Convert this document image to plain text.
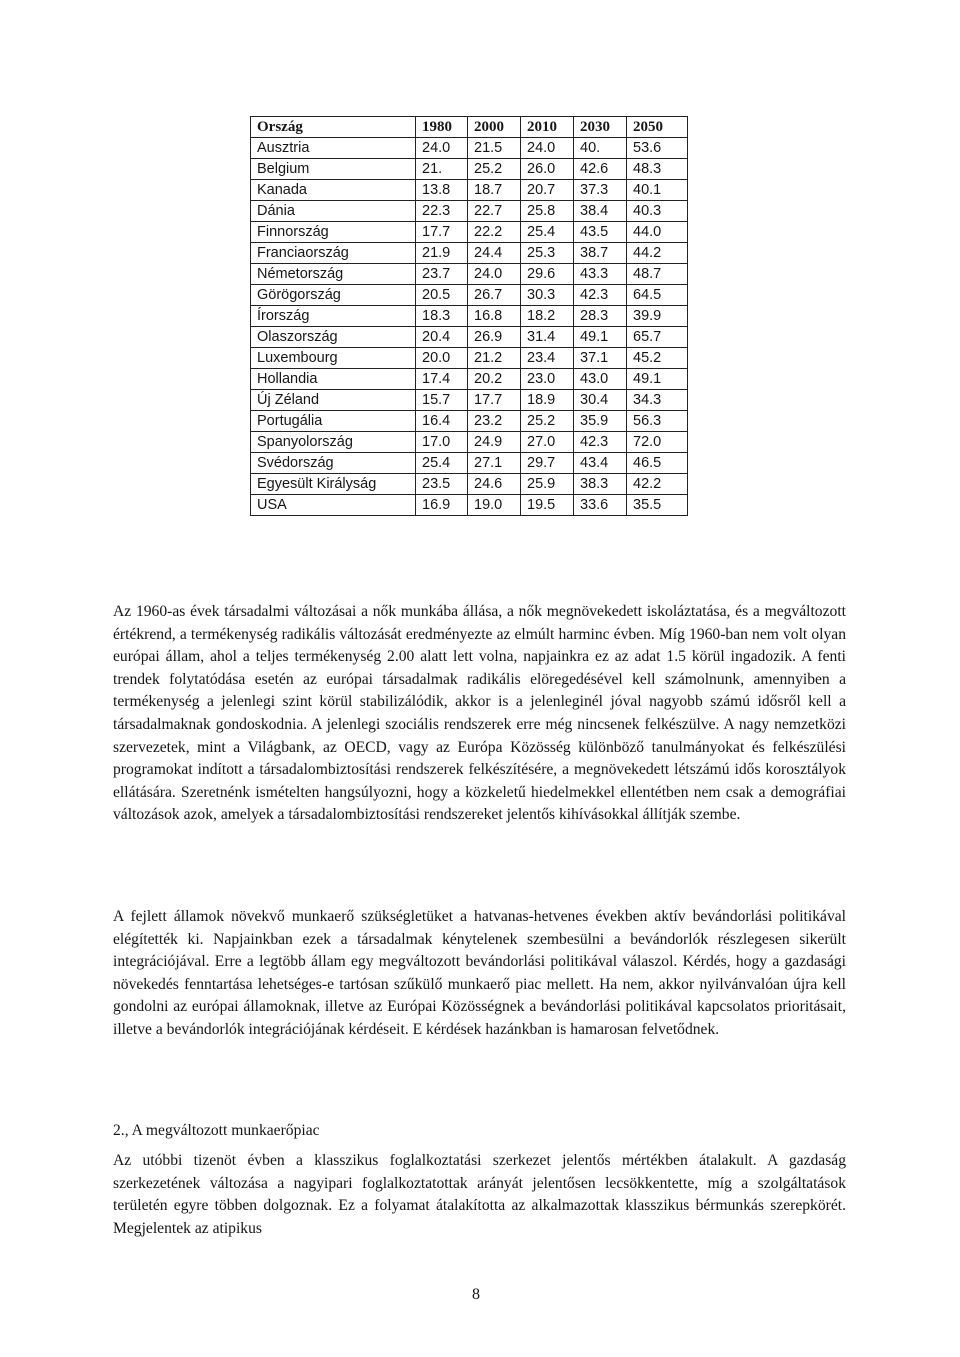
Ország	1980	2000	2010	2030	2050
Ausztria	24.0	21.5	24.0	40.	53.6
Belgium	21.	25.2	26.0	42.6	48.3
Kanada	13.8	18.7	20.7	37.3	40.1
Dánia	22.3	22.7	25.8	38.4	40.3
Finnország	17.7	22.2	25.4	43.5	44.0
Franciaország	21.9	24.4	25.3	38.7	44.2
Németország	23.7	24.0	29.6	43.3	48.7
Görögország	20.5	26.7	30.3	42.3	64.5
Írország	18.3	16.8	18.2	28.3	39.9
Olaszország	20.4	26.9	31.4	49.1	65.7
Luxembourg	20.0	21.2	23.4	37.1	45.2
Hollandia	17.4	20.2	23.0	43.0	49.1
Új Zéland	15.7	17.7	18.9	30.4	34.3
Portugália	16.4	23.2	25.2	35.9	56.3
Spanyolország	17.0	24.9	27.0	42.3	72.0
Svédország	25.4	27.1	29.7	43.4	46.5
Egyesült Királyság	23.5	24.6	25.9	38.3	42.2
USA	16.9	19.0	19.5	33.6	35.5

Az 1960-as évek társadalmi változásai a nők munkába állása, a nők megnövekedett iskoláztatása, és a megváltozott értékrend, a termékenység radikális változását eredményezte az elmúlt harminc évben. Míg 1960-ban nem volt olyan európai állam, ahol a teljes termékenység 2.00 alatt lett volna, napjainkra ez az adat 1.5 körül ingadozik. A fenti trendek folytatódása esetén az európai társadalmak radikális elöregedésével kell számolnunk, amennyiben a termékenység a jelenlegi szint körül stabilizálódik, akkor is a jelenleginél jóval nagyobb számú idősről kell a társadalmaknak gondoskodnia. A jelenlegi szociális rendszerek erre még nincsenek felkészülve. A nagy nemzetközi szervezetek, mint a Világbank, az OECD, vagy az Európa Közösség különböző tanulmányokat és felkészülési programokat indított a társadalombiztosítási rendszerek felkészítésére, a megnövekedett létszámú idős korosztályok ellátására. Szeretnénk ismételten hangsúlyozni, hogy a közkeletű hiedelmekkel ellentétben nem csak a demográfiai változások azok, amelyek a társadalombiztosítási rendszereket jelentős kihívásokkal állítják szembe.

A fejlett államok növekvő munkaerő szükségletüket a hatvanas-hetvenes években aktív bevándorlási politikával elégítették ki. Napjainkban ezek a társadalmak kénytelenek szembesülni a bevándorlók részlegesen sikerült integrációjával. Erre a legtöbb állam egy megváltozott bevándorlási politikával válaszol. Kérdés, hogy a gazdasági növekedés fenntartása lehetséges-e tartósan szűkülő munkaerő piac mellett. Ha nem, akkor nyilvánvalóan újra kell gondolni az európai államoknak, illetve az Európai Közösségnek a bevándorlási politikával kapcsolatos prioritásait, illetve a bevándorlók integrációjának kérdéseit. E kérdések hazánkban is hamarosan felvetődnek.

2., A megváltozott munkaerőpiac

Az utóbbi tizenöt évben a klasszikus foglalkoztatási szerkezet jelentős mértékben átalakult. A gazdaság szerkezetének változása a nagyipari foglalkoztatottak arányát jelentősen lecsökkentette, míg a szolgáltatások területén egyre többen dolgoznak. Ez a folyamat átalakította az alkalmazottak klasszikus bérmunkás szerepkörét. Megjelentek az atipikus

8
